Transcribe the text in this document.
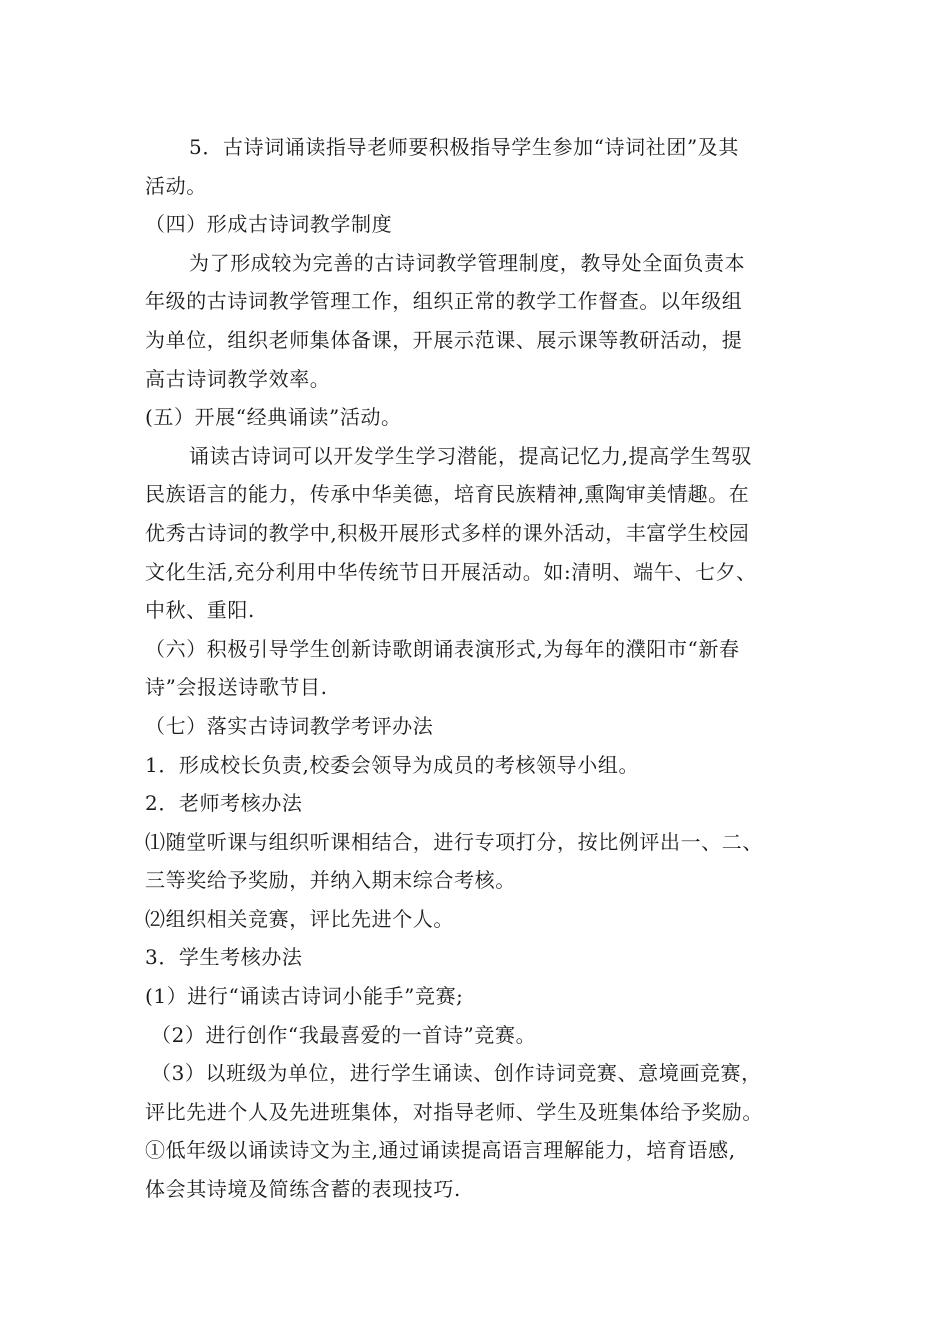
5．古诗词诵读指导老师要积极指导学生参加“诗词社团”及其
活动。
（四）形成古诗词教学制度
为了形成较为完善的古诗词教学管理制度，教导处全面负责本
年级的古诗词教学管理工作，组织正常的教学工作督查。以年级组
为单位，组织老师集体备课，开展示范课、展示课等教研活动，提
高古诗词教学效率。
(五）开展“经典诵读”活动。
诵读古诗词可以开发学生学习潜能，提高记忆力,提高学生驾驭
民族语言的能力，传承中华美德，培育民族精神,熏陶审美情趣。在
优秀古诗词的教学中,积极开展形式多样的课外活动，丰富学生校园
文化生活,充分利用中华传统节日开展活动。如:清明、端午、七夕、
中秋、重阳.
（六）积极引导学生创新诗歌朗诵表演形式,为每年的濮阳市“新春
诗”会报送诗歌节目.
（七）落实古诗词教学考评办法
1．形成校长负责,校委会领导为成员的考核领导小组。
2．老师考核办法
⑴随堂听课与组织听课相结合，进行专项打分，按比例评出一、二、
三等奖给予奖励，并纳入期末综合考核。
⑵组织相关竞赛，评比先进个人。
3．学生考核办法
(1）进行“诵读古诗词小能手”竞赛;
（2）进行创作“我最喜爱的一首诗”竞赛。
（3）以班级为单位，进行学生诵读、创作诗词竞赛、意境画竞赛，
评比先进个人及先进班集体，对指导老师、学生及班集体给予奖励。
①低年级以诵读诗文为主,通过诵读提高语言理解能力，培育语感,
体会其诗境及简练含蓄的表现技巧.
